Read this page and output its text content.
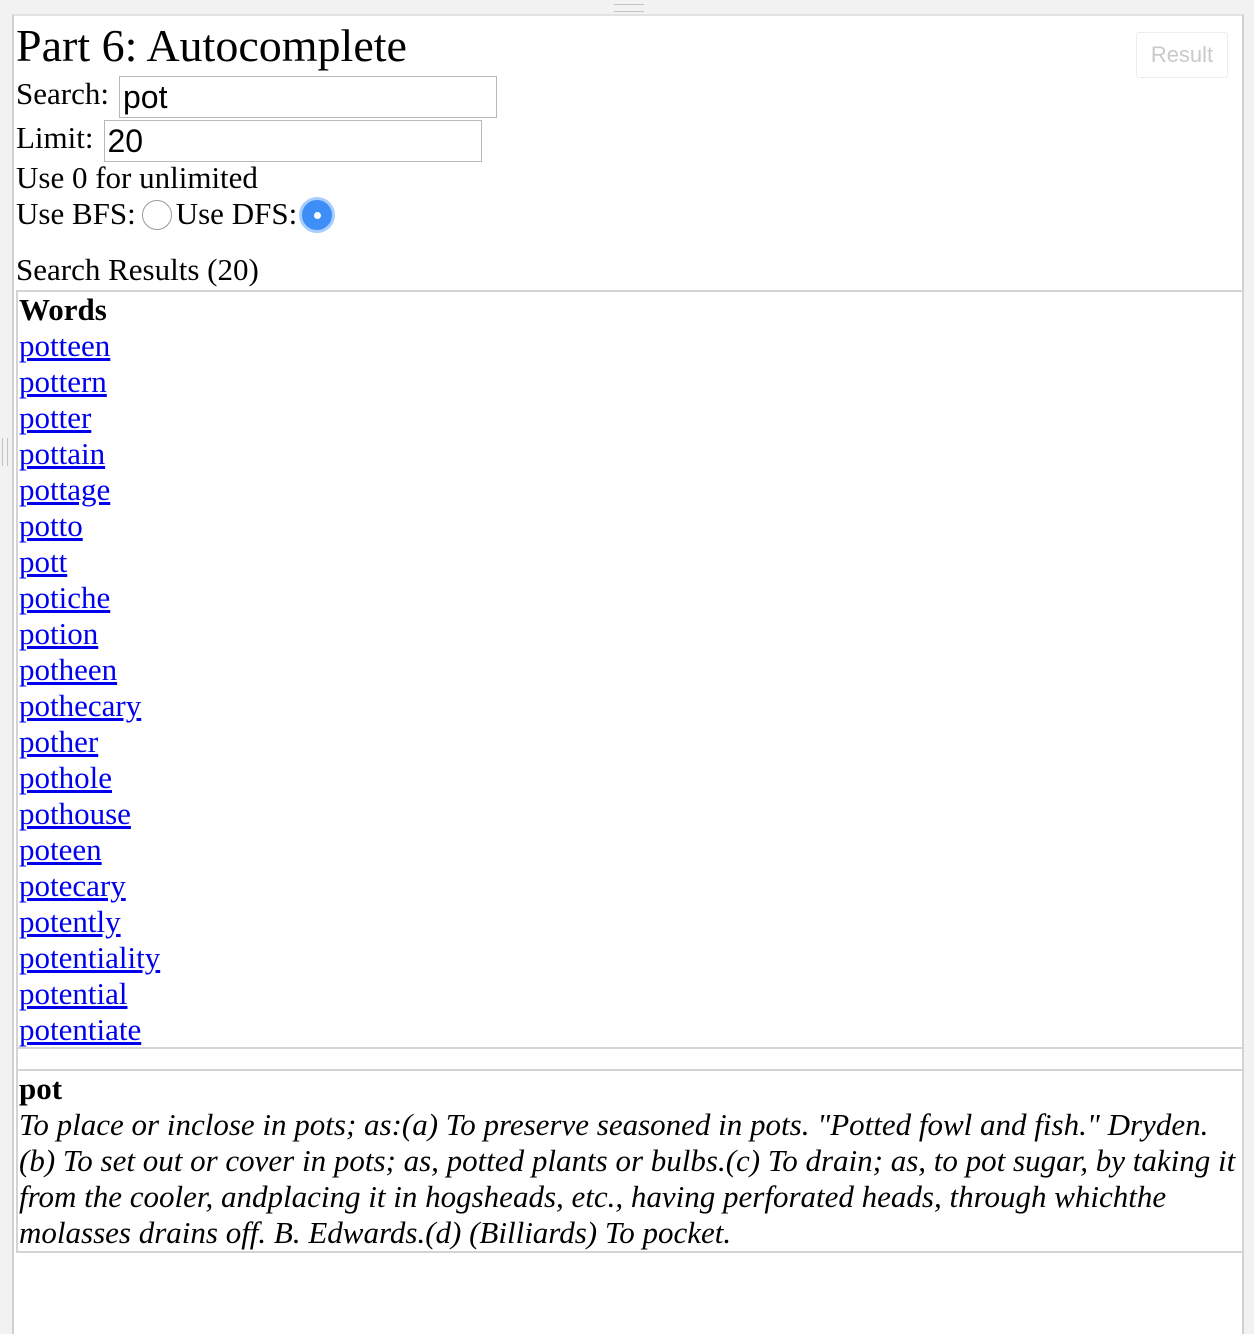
Result
Part 6: Autocomplete
Search: pot
Limit: 20
Use 0 for unlimited
Use BFS: Use DFS:
Search Results (20)
Words
potteen
pottern
potter
pottain
pottage
potto
pott
potiche
potion
potheen
pothecary
pother
pothole
pothouse
poteen
potecary
potently
potentiality
potential
potentiate
pot
To place or inclose in pots; as:(a) To preserve seasoned in pots. "Potted fowl and fish." Dryden.(b) To set out or cover in pots; as, potted plants or bulbs.(c) To drain; as, to pot sugar, by taking it from the cooler, andplacing it in hogsheads, etc., having perforated heads, through whichthe molasses drains off. B. Edwards.(d) (Billiards) To pocket.
